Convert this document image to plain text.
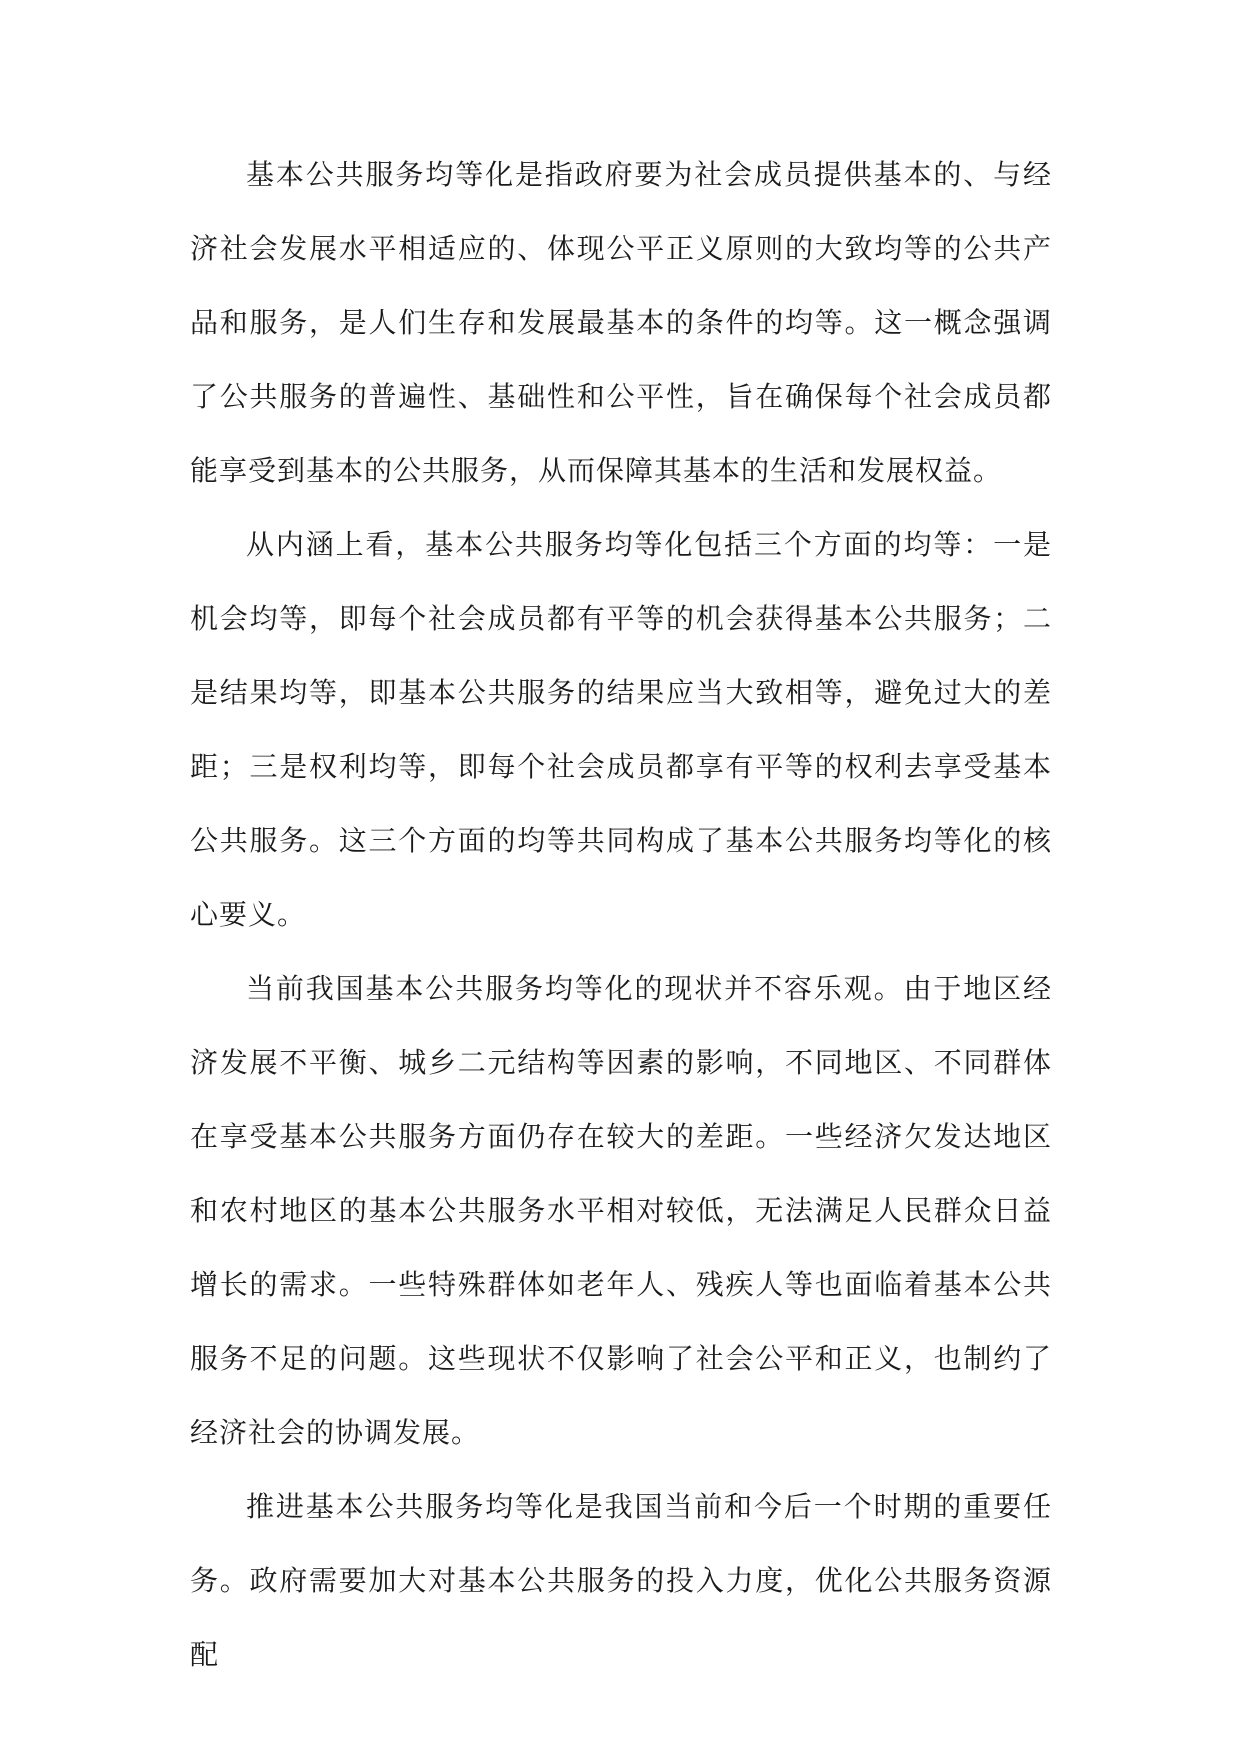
基本公共服务均等化是指政府要为社会成员提供基本的、与经济社会发展水平相适应的、体现公平正义原则的大致均等的公共产品和服务，是人们生存和发展最基本的条件的均等。这一概念强调了公共服务的普遍性、基础性和公平性，旨在确保每个社会成员都能享受到基本的公共服务，从而保障其基本的生活和发展权益。

从内涵上看，基本公共服务均等化包括三个方面的均等：一是机会均等，即每个社会成员都有平等的机会获得基本公共服务；二是结果均等，即基本公共服务的结果应当大致相等，避免过大的差距；三是权利均等，即每个社会成员都享有平等的权利去享受基本公共服务。这三个方面的均等共同构成了基本公共服务均等化的核心要义。

当前我国基本公共服务均等化的现状并不容乐观。由于地区经济发展不平衡、城乡二元结构等因素的影响，不同地区、不同群体在享受基本公共服务方面仍存在较大的差距。一些经济欠发达地区和农村地区的基本公共服务水平相对较低，无法满足人民群众日益增长的需求。一些特殊群体如老年人、残疾人等也面临着基本公共服务不足的问题。这些现状不仅影响了社会公平和正义，也制约了经济社会的协调发展。

推进基本公共服务均等化是我国当前和今后一个时期的重要任务。政府需要加大对基本公共服务的投入力度，优化公共服务资源配
